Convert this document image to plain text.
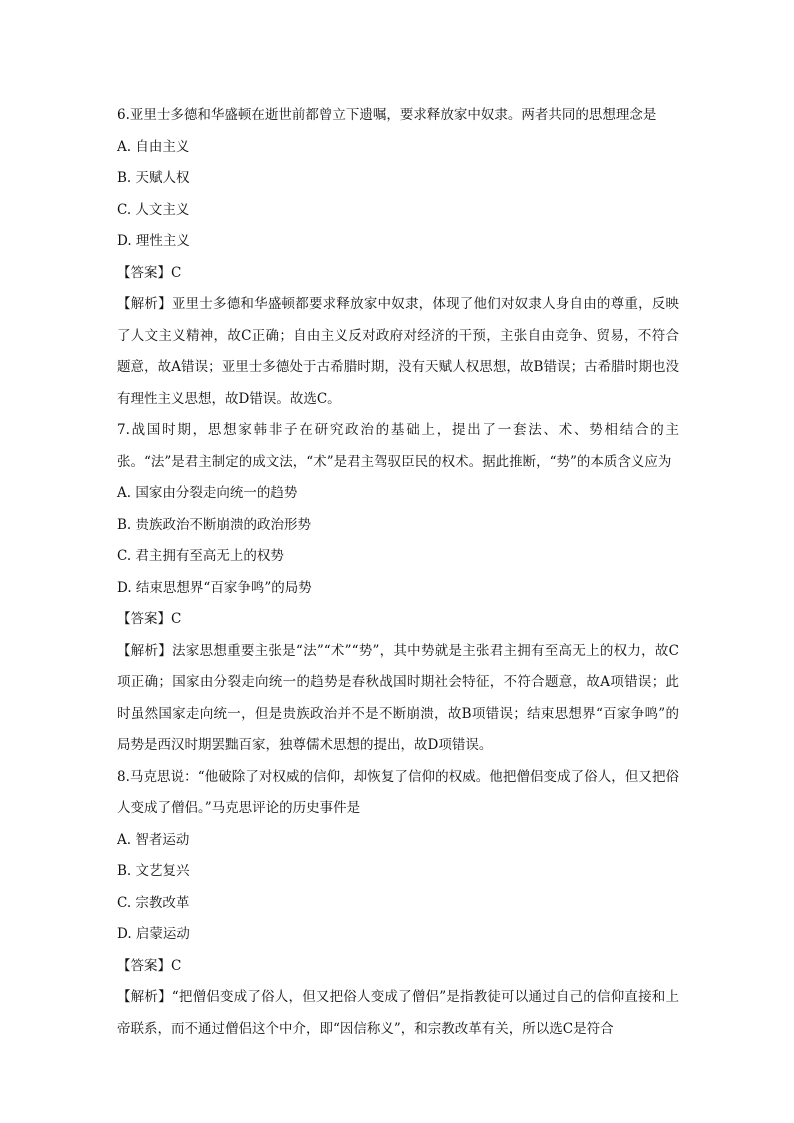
6.亚里士多德和华盛顿在逝世前都曾立下遗嘱，要求释放家中奴隶。两者共同的思想理念是

A. 自由主义

B. 天赋人权

C. 人文主义

D. 理性主义

【答案】C

【解析】亚里士多德和华盛顿都要求释放家中奴隶，体现了他们对奴隶人身自由的尊重，反映了人文主义精神，故C正确；自由主义反对政府对经济的干预，主张自由竞争、贸易，不符合题意，故A错误；亚里士多德处于古希腊时期，没有天赋人权思想，故B错误；古希腊时期也没有理性主义思想，故D错误。故选C。

7.战国时期，思想家韩非子在研究政治的基础上，提出了一套法、术、势相结合的主张。“法”是君主制定的成文法，“术”是君主驾驭臣民的权术。据此推断，“势”的本质含义应为

A. 国家由分裂走向统一的趋势

B. 贵族政治不断崩溃的政治形势

C. 君主拥有至高无上的权势

D. 结束思想界“百家争鸣”的局势

【答案】C

【解析】法家思想重要主张是“法”“术”“势”，其中势就是主张君主拥有至高无上的权力，故C项正确；国家由分裂走向统一的趋势是春秋战国时期社会特征，不符合题意，故A项错误；此时虽然国家走向统一，但是贵族政治并不是不断崩溃，故B项错误；结束思想界“百家争鸣”的局势是西汉时期罢黜百家，独尊儒术思想的提出，故D项错误。

8.马克思说：“他破除了对权威的信仰，却恢复了信仰的权威。他把僧侣变成了俗人，但又把俗人变成了僧侣。”马克思评论的历史事件是

A. 智者运动

B. 文艺复兴

C. 宗教改革

D. 启蒙运动

【答案】C

【解析】“把僧侣变成了俗人，但又把俗人变成了僧侣”是指教徒可以通过自己的信仰直接和上帝联系，而不通过僧侣这个中介，即“因信称义”，和宗教改革有关，所以选C是符合
